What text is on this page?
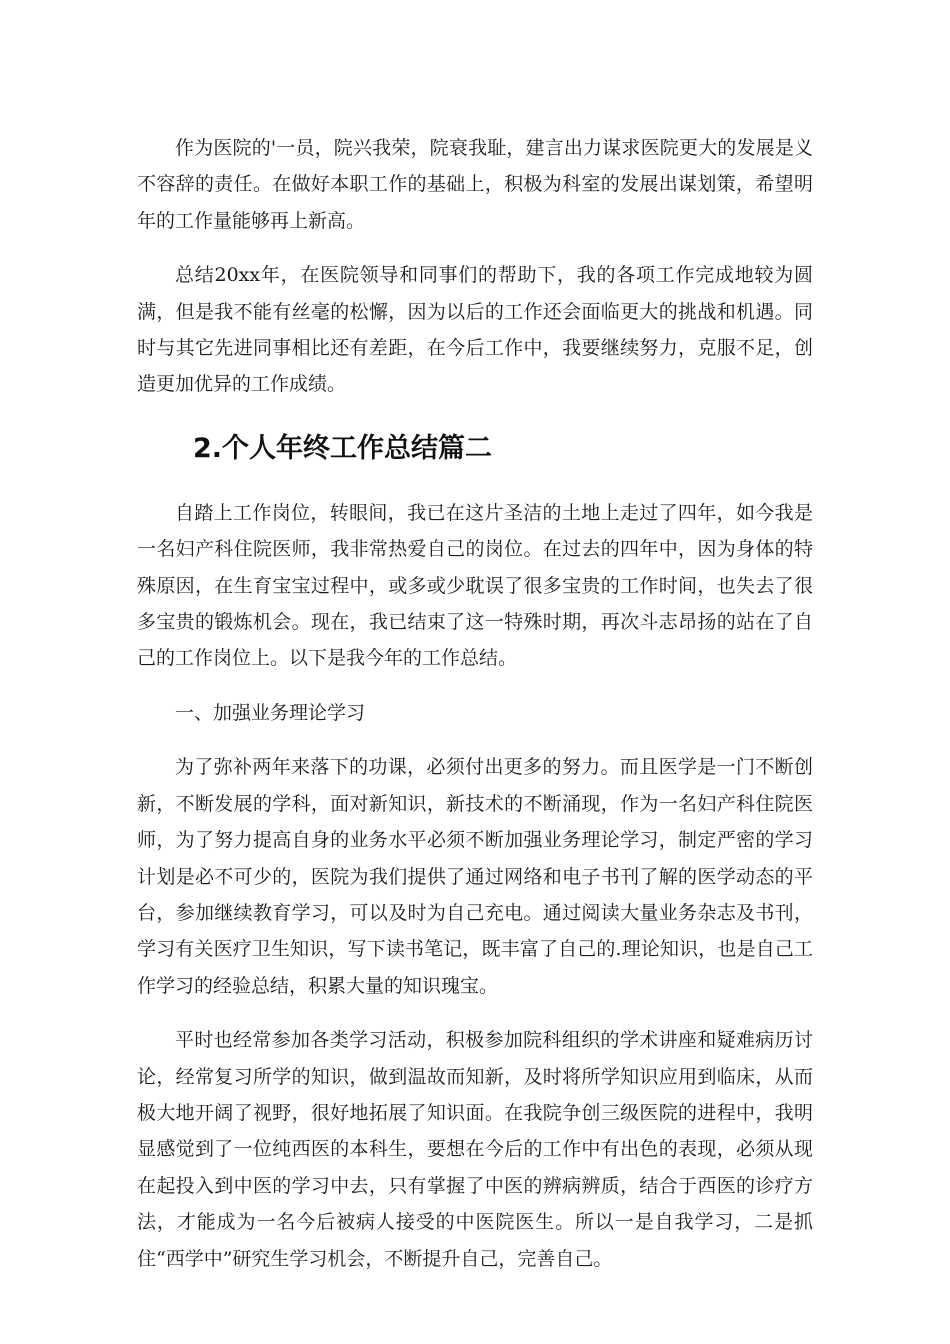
作为医院的'一员，院兴我荣，院衰我耻，建言出力谋求医院更大的发展是义不容辞的责任。在做好本职工作的基础上，积极为科室的发展出谋划策，希望明年的工作量能够再上新高。

总结20xx年，在医院领导和同事们的帮助下，我的各项工作完成地较为圆满，但是我不能有丝毫的松懈，因为以后的工作还会面临更大的挑战和机遇。同时与其它先进同事相比还有差距，在今后工作中，我要继续努力，克服不足，创造更加优异的工作成绩。

2.个人年终工作总结篇二

自踏上工作岗位，转眼间，我已在这片圣洁的土地上走过了四年，如今我是一名妇产科住院医师，我非常热爱自己的岗位。在过去的四年中，因为身体的特殊原因，在生育宝宝过程中，或多或少耽误了很多宝贵的工作时间，也失去了很多宝贵的锻炼机会。现在，我已结束了这一特殊时期，再次斗志昂扬的站在了自己的工作岗位上。以下是我今年的工作总结。

一、加强业务理论学习

为了弥补两年来落下的功课，必须付出更多的努力。而且医学是一门不断创新，不断发展的学科，面对新知识，新技术的不断涌现，作为一名妇产科住院医师，为了努力提高自身的业务水平必须不断加强业务理论学习，制定严密的学习计划是必不可少的，医院为我们提供了通过网络和电子书刊了解的医学动态的平台，参加继续教育学习，可以及时为自己充电。通过阅读大量业务杂志及书刊，学习有关医疗卫生知识，写下读书笔记，既丰富了自己的.理论知识，也是自己工作学习的经验总结，积累大量的知识瑰宝。

平时也经常参加各类学习活动，积极参加院科组织的学术讲座和疑难病历讨论，经常复习所学的知识，做到温故而知新，及时将所学知识应用到临床，从而极大地开阔了视野，很好地拓展了知识面。在我院争创三级医院的进程中，我明显感觉到了一位纯西医的本科生，要想在今后的工作中有出色的表现，必须从现在起投入到中医的学习中去，只有掌握了中医的辨病辨质，结合于西医的诊疗方法，才能成为一名今后被病人接受的中医院医生。所以一是自我学习，二是抓住“西学中”研究生学习机会，不断提升自己，完善自己。
